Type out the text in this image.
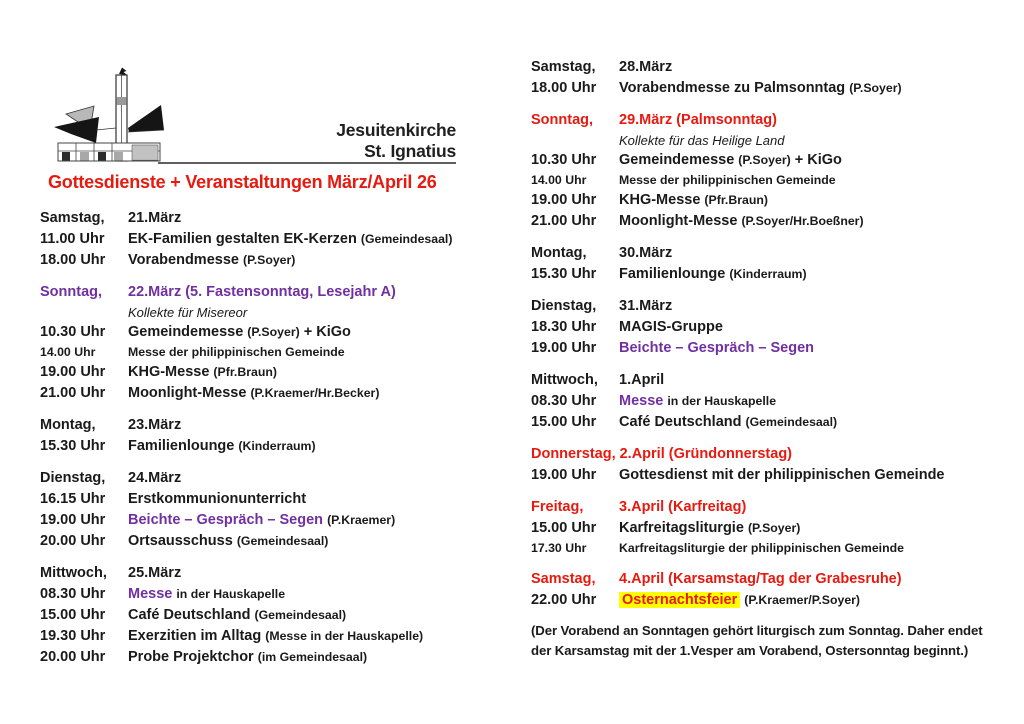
Jesuitenkirche
St. Ignatius
Gottesdienste + Veranstaltungen März/April 26
Samstag,	21.März
11.00 Uhr	EK-Familien gestalten EK-Kerzen (Gemeindesaal)
18.00 Uhr	Vorabendmesse (P.Soyer)
Sonntag,	22.März (5. Fastensonntag, Lesejahr A)
Kollekte für Misereor
10.30 Uhr	Gemeindemesse (P.Soyer) + KiGo
14.00 Uhr	Messe der philippinischen Gemeinde
19.00 Uhr	KHG-Messe (Pfr.Braun)
21.00 Uhr	Moonlight-Messe (P.Kraemer/Hr.Becker)
Montag,	23.März
15.30 Uhr	Familienlounge (Kinderraum)
Dienstag,	24.März
16.15 Uhr	Erstkommunionunterricht
19.00 Uhr	Beichte – Gespräch – Segen (P.Kraemer)
20.00 Uhr	Ortsausschuss (Gemeindesaal)
Mittwoch,	25.März
08.30 Uhr	Messe in der Hauskapelle
15.00 Uhr	Café Deutschland (Gemeindesaal)
19.30 Uhr	Exerzitien im Alltag (Messe in der Hauskapelle)
20.00 Uhr	Probe Projektchor (im Gemeindesaal)
Samstag,	28.März
18.00 Uhr	Vorabendmesse zu Palmsonntag (P.Soyer)
Sonntag,	29.März (Palmsonntag)
Kollekte für das Heilige Land
10.30 Uhr	Gemeindemesse (P.Soyer) + KiGo
14.00 Uhr	Messe der philippinischen Gemeinde
19.00 Uhr	KHG-Messe (Pfr.Braun)
21.00 Uhr	Moonlight-Messe (P.Soyer/Hr.Boeßner)
Montag,	30.März
15.30 Uhr	Familienlounge (Kinderraum)
Dienstag,	31.März
18.30 Uhr	MAGIS-Gruppe
19.00 Uhr	Beichte – Gespräch – Segen
Mittwoch,	1.April
08.30 Uhr	Messe in der Hauskapelle
15.00 Uhr	Café Deutschland (Gemeindesaal)
Donnerstag, 2.April (Gründonnerstag)
19.00 Uhr	Gottesdienst mit der philippinischen Gemeinde
Freitag,	3.April (Karfreitag)
15.00 Uhr	Karfreitagsliturgie (P.Soyer)
17.30 Uhr	Karfreitagsliturgie der philippinischen Gemeinde
Samstag,	4.April (Karsamstag/Tag der Grabesruhe)
22.00 Uhr	Osternachtsfeier (P.Kraemer/P.Soyer)
(Der Vorabend an Sonntagen gehört liturgisch zum Sonntag. Daher endet
der Karsamstag mit der 1.Vesper am Vorabend, Ostersonntag beginnt.)
